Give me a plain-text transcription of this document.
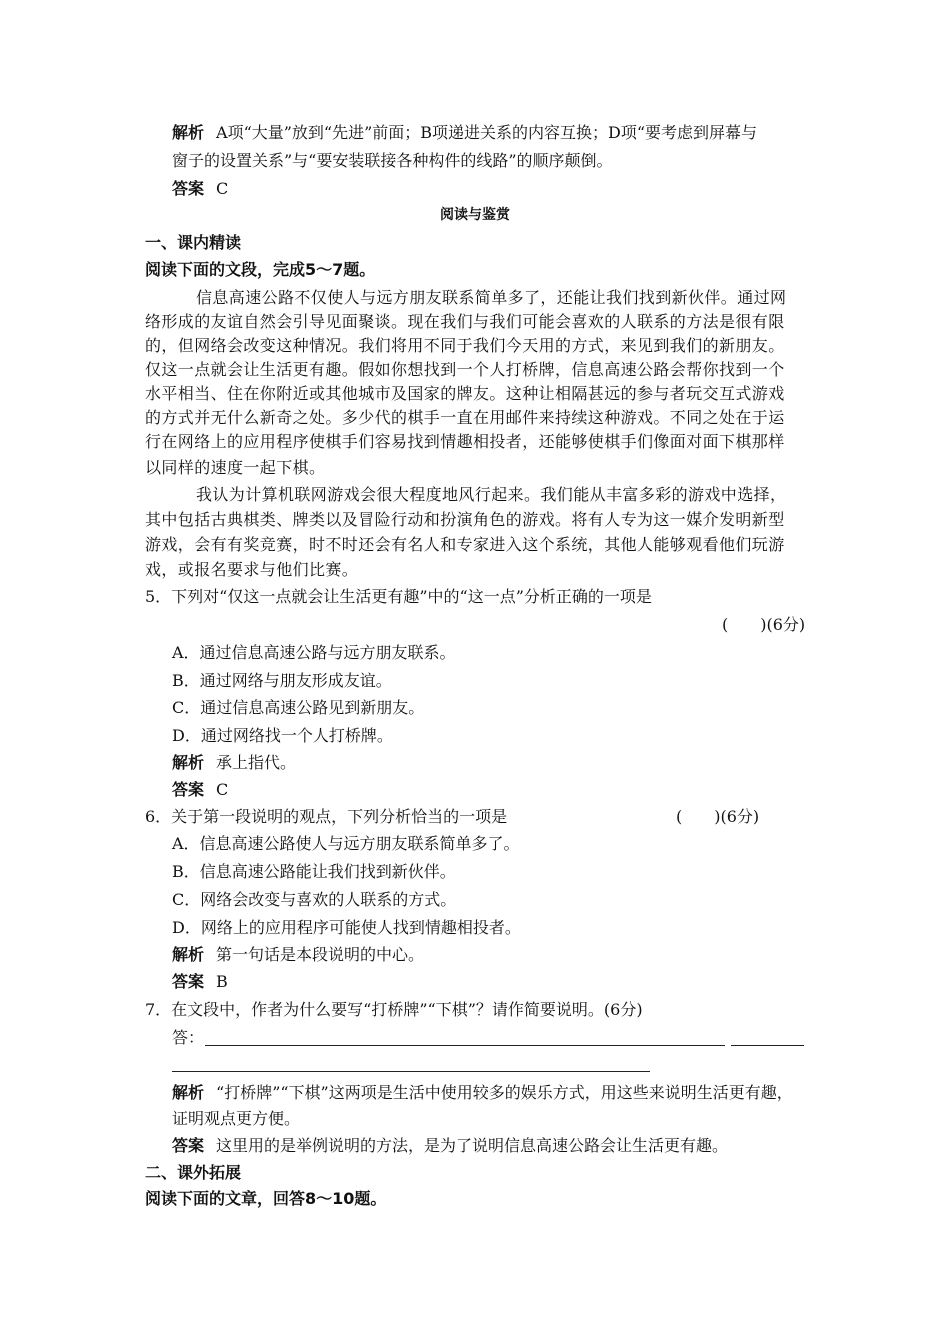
解析 A项“大量”放到“先进”前面；B项递进关系的内容互换；D项“要考虑到屏幕与
窗子的设置关系”与“要安装联接各种构件的线路”的顺序颠倒。
答案 C
阅读与鉴赏
一、课内精读
阅读下面的文段，完成5～7题。
信息高速公路不仅使人与远方朋友联系简单多了，还能让我们找到新伙伴。通过网
络形成的友谊自然会引导见面聚谈。现在我们与我们可能会喜欢的人联系的方法是很有限
的，但网络会改变这种情况。我们将用不同于我们今天用的方式，来见到我们的新朋友。
仅这一点就会让生活更有趣。假如你想找到一个人打桥牌，信息高速公路会帮你找到一个
水平相当、住在你附近或其他城市及国家的牌友。这种让相隔甚远的参与者玩交互式游戏
的方式并无什么新奇之处。多少代的棋手一直在用邮件来持续这种游戏。不同之处在于运
行在网络上的应用程序使棋手们容易找到情趣相投者，还能够使棋手们像面对面下棋那样
以同样的速度一起下棋。
我认为计算机联网游戏会很大程度地风行起来。我们能从丰富多彩的游戏中选择，
其中包括古典棋类、牌类以及冒险行动和扮演角色的游戏。将有人专为这一媒介发明新型
游戏，会有有奖竞赛，时不时还会有名人和专家进入这个系统，其他人能够观看他们玩游
戏，或报名要求与他们比赛。
5．下列对“仅这一点就会让生活更有趣”中的“这一点”分析正确的一项是
(　　)(6分)
A．通过信息高速公路与远方朋友联系。
B．通过网络与朋友形成友谊。
C．通过信息高速公路见到新朋友。
D．通过网络找一个人打桥牌。
解析 承上指代。
答案 C
6．关于第一段说明的观点，下列分析恰当的一项是	(　　)(6分)
A．信息高速公路使人与远方朋友联系简单多了。
B．信息高速公路能让我们找到新伙伴。
C．网络会改变与喜欢的人联系的方式。
D．网络上的应用程序可能使人找到情趣相投者。
解析 第一句话是本段说明的中心。
答案 B
7．在文段中，作者为什么要写“打桥牌”“下棋”？请作简要说明。(6分)
答：
解析 “打桥牌”“下棋”这两项是生活中使用较多的娱乐方式，用这些来说明生活更有趣，
证明观点更方便。
答案 这里用的是举例说明的方法，是为了说明信息高速公路会让生活更有趣。
二、课外拓展
阅读下面的文章，回答8～10题。
